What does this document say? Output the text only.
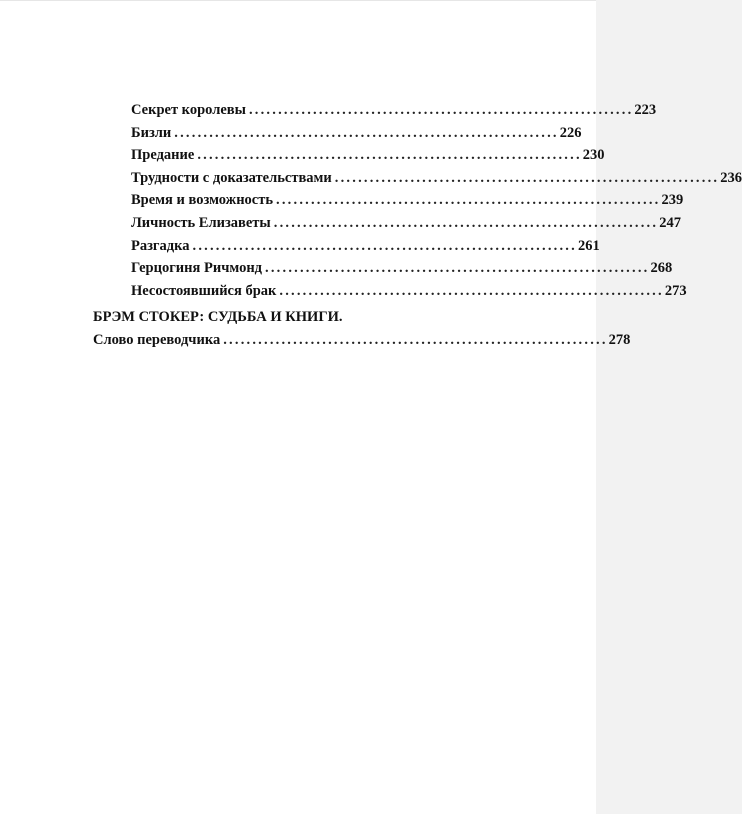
Секрет королевы .................................................................. 223
Бизли .................................................................. 226
Предание .................................................................. 230
Трудности с доказательствами .................................................................. 236
Время и возможность .................................................................. 239
Личность Елизаветы .................................................................. 247
Разгадка .................................................................. 261
Герцогиня Ричмонд .................................................................. 268
Несостоявшийся брак .................................................................. 273
БРЭМ СТОКЕР: СУДЬБА И КНИГИ.
Слово переводчика .................................................................. 278
